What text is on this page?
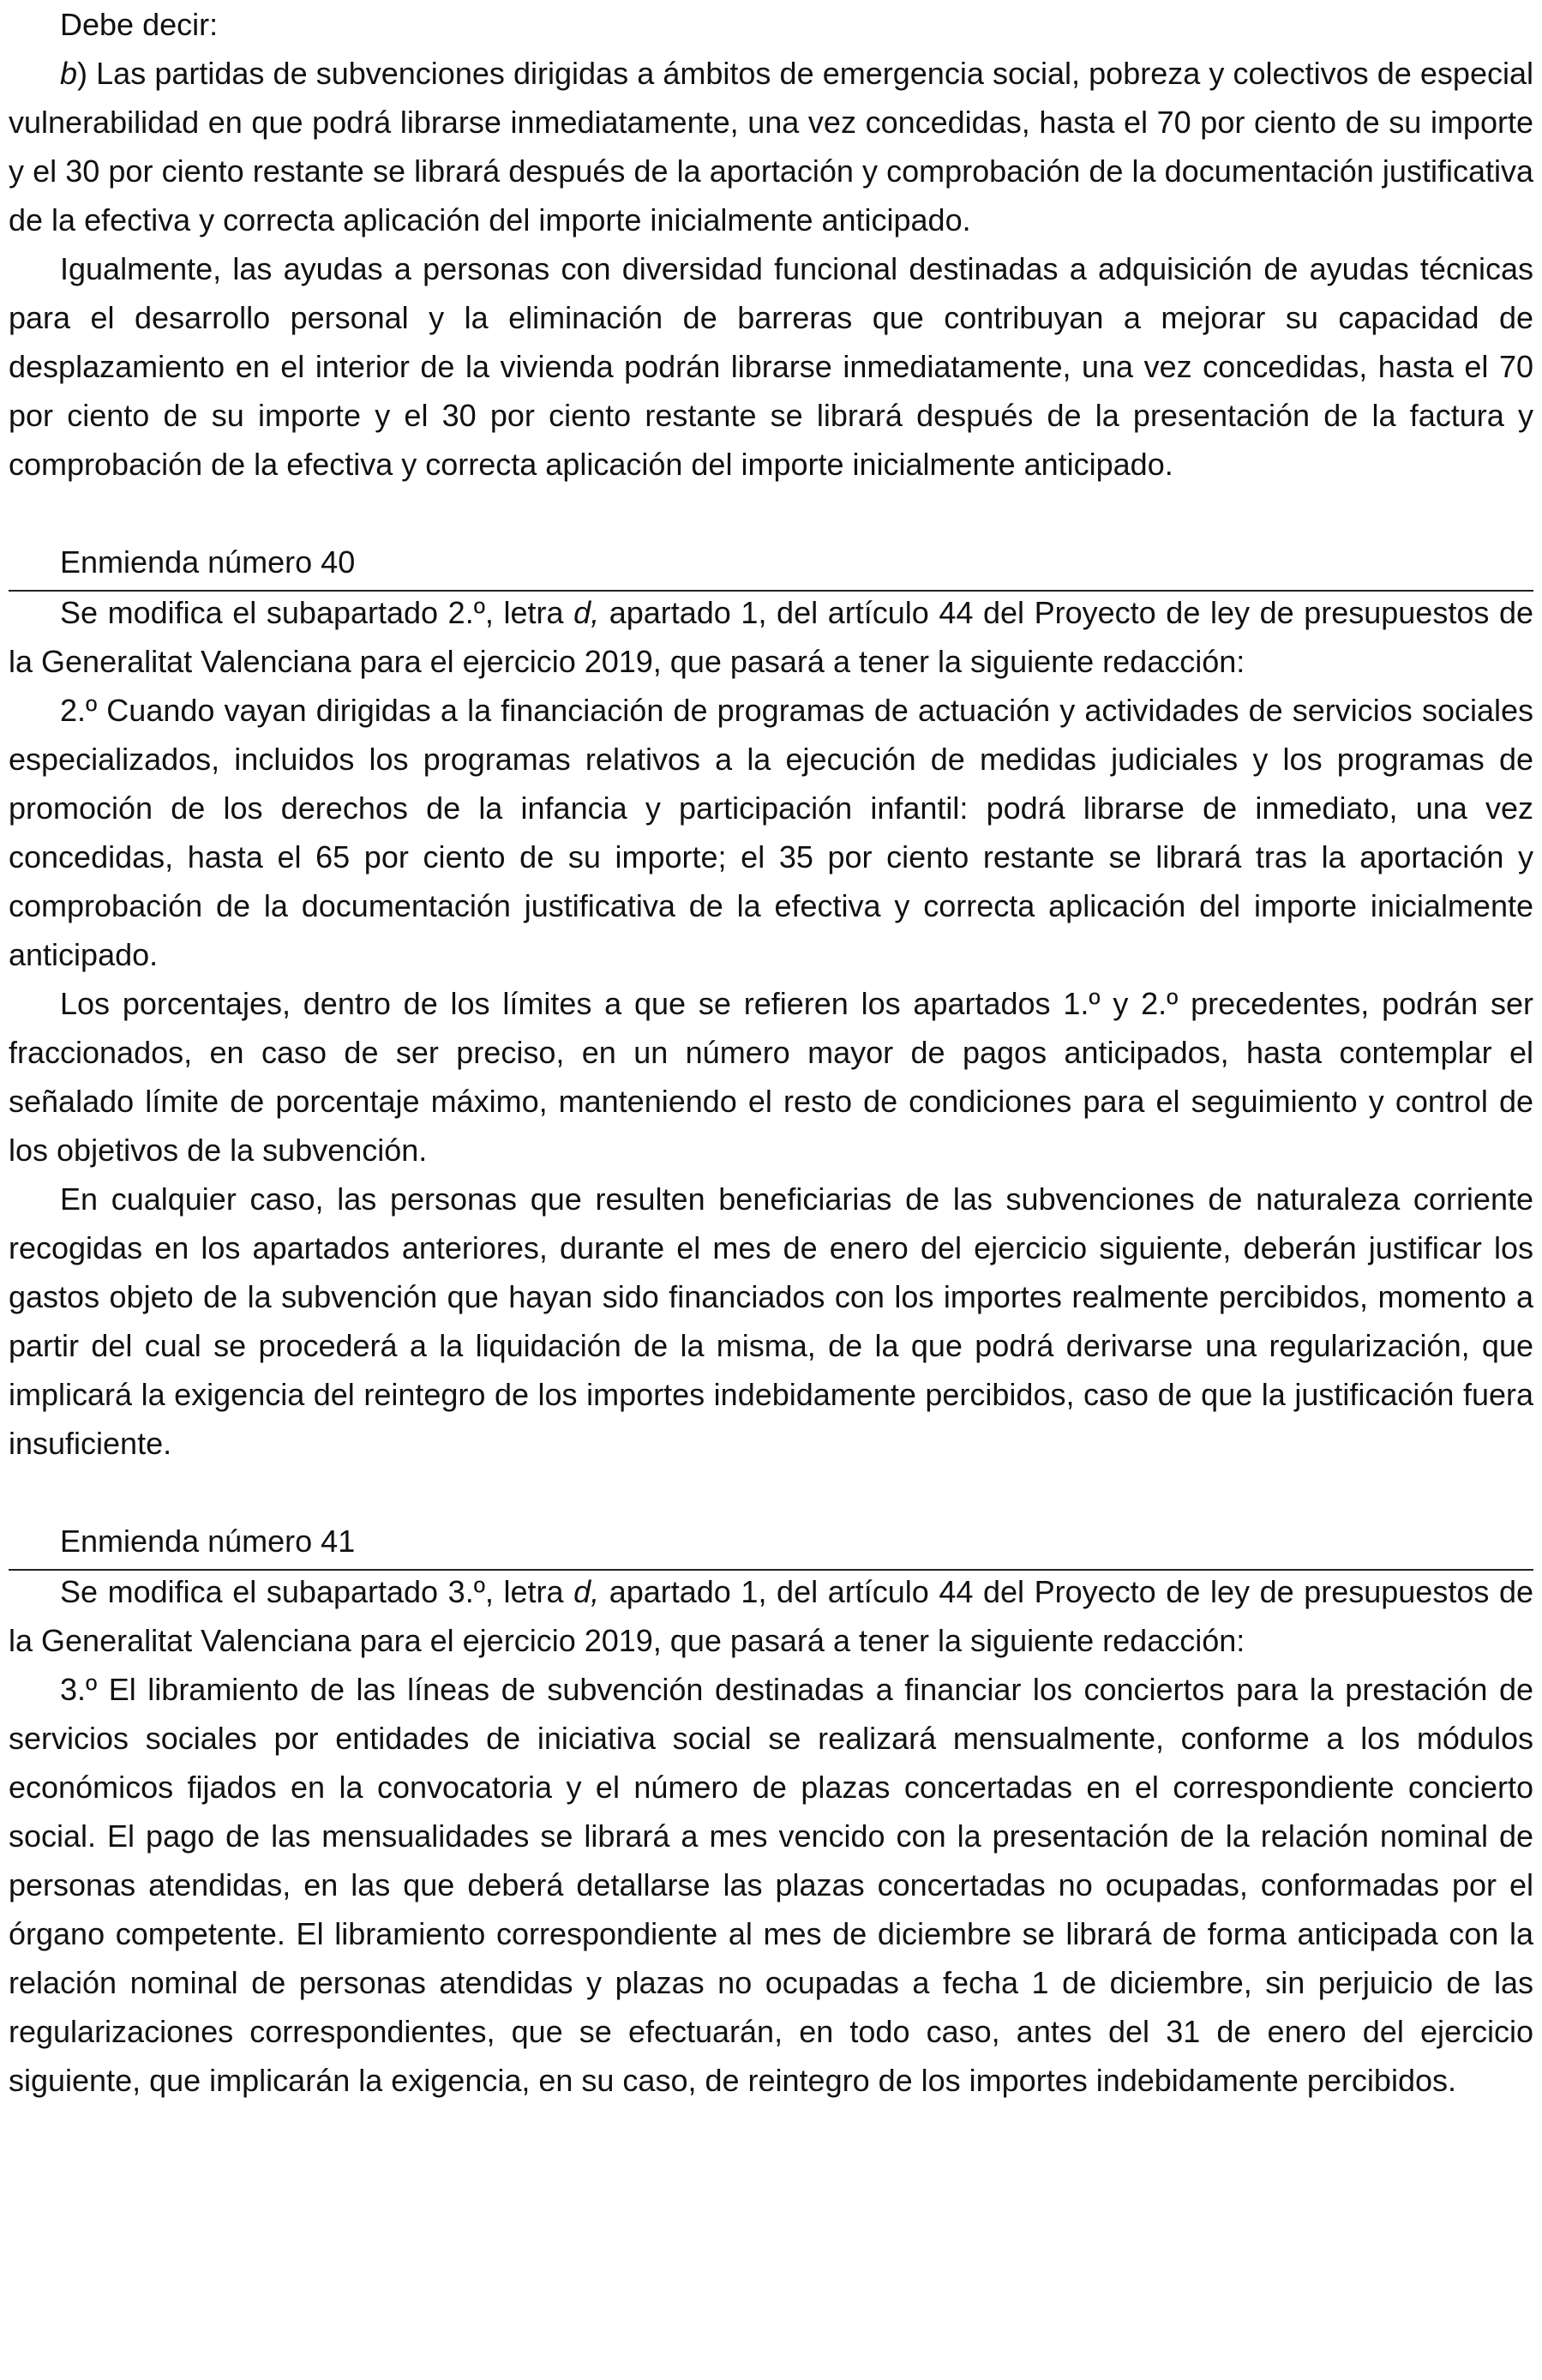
Debe decir:

b) Las partidas de subvenciones dirigidas a ámbitos de emergencia social, pobreza y colectivos de especial vulnerabilidad en que podrá librarse inmediatamente, una vez concedidas, hasta el 70 por ciento de su importe y el 30 por ciento restante se librará después de la aportación y comprobación de la documentación justificativa de la efectiva y correcta aplicación del importe inicialmente anticipado.

Igualmente, las ayudas a personas con diversidad funcional destinadas a adquisición de ayudas técnicas para el desarrollo personal y la eliminación de barreras que contribuyan a mejorar su capacidad de desplazamiento en el interior de la vivienda podrán librarse inmediatamente, una vez concedidas, hasta el 70 por ciento de su importe y el 30 por ciento restante se librará después de la presentación de la factura y comprobación de la efectiva y correcta aplicación del importe inicialmente anticipado.

Enmienda número 40

Se modifica el subapartado 2.º, letra d, apartado 1, del artículo 44 del Proyecto de ley de presupuestos de la Generalitat Valenciana para el ejercicio 2019, que pasará a tener la siguiente redacción:

2.º Cuando vayan dirigidas a la financiación de programas de actuación y actividades de servicios sociales especializados, incluidos los programas relativos a la ejecución de medidas judiciales y los programas de promoción de los derechos de la infancia y participación infantil: podrá librarse de inmediato, una vez concedidas, hasta el 65 por ciento de su importe; el 35 por ciento restante se librará tras la aportación y comprobación de la documentación justificativa de la efectiva y correcta aplicación del importe inicialmente anticipado.

Los porcentajes, dentro de los límites a que se refieren los apartados 1.º y 2.º precedentes, podrán ser fraccionados, en caso de ser preciso, en un número mayor de pagos anticipados, hasta contemplar el señalado límite de porcentaje máximo, manteniendo el resto de condiciones para el seguimiento y control de los objetivos de la subvención.

En cualquier caso, las personas que resulten beneficiarias de las subvenciones de naturaleza corriente recogidas en los apartados anteriores, durante el mes de enero del ejercicio siguiente, deberán justificar los gastos objeto de la subvención que hayan sido financiados con los importes realmente percibidos, momento a partir del cual se procederá a la liquidación de la misma, de la que podrá derivarse una regularización, que implicará la exigencia del reintegro de los importes indebidamente percibidos, caso de que la justificación fuera insuficiente.

Enmienda número 41

Se modifica el subapartado 3.º, letra d, apartado 1, del artículo 44 del Proyecto de ley de presupuestos de la Generalitat Valenciana para el ejercicio 2019, que pasará a tener la siguiente redacción:

3.º El libramiento de las líneas de subvención destinadas a financiar los conciertos para la prestación de servicios sociales por entidades de iniciativa social se realizará mensualmente, conforme a los módulos económicos fijados en la convocatoria y el número de plazas concertadas en el correspondiente concierto social. El pago de las mensualidades se librará a mes vencido con la presentación de la relación nominal de personas atendidas, en las que deberá detallarse las plazas concertadas no ocupadas, conformadas por el órgano competente. El libramiento correspondiente al mes de diciembre se librará de forma anticipada con la relación nominal de personas atendidas y plazas no ocupadas a fecha 1 de diciembre, sin perjuicio de las regularizaciones correspondientes, que se efectuarán, en todo caso, antes del 31 de enero del ejercicio siguiente, que implicarán la exigencia, en su caso, de reintegro de los importes indebidamente percibidos.
